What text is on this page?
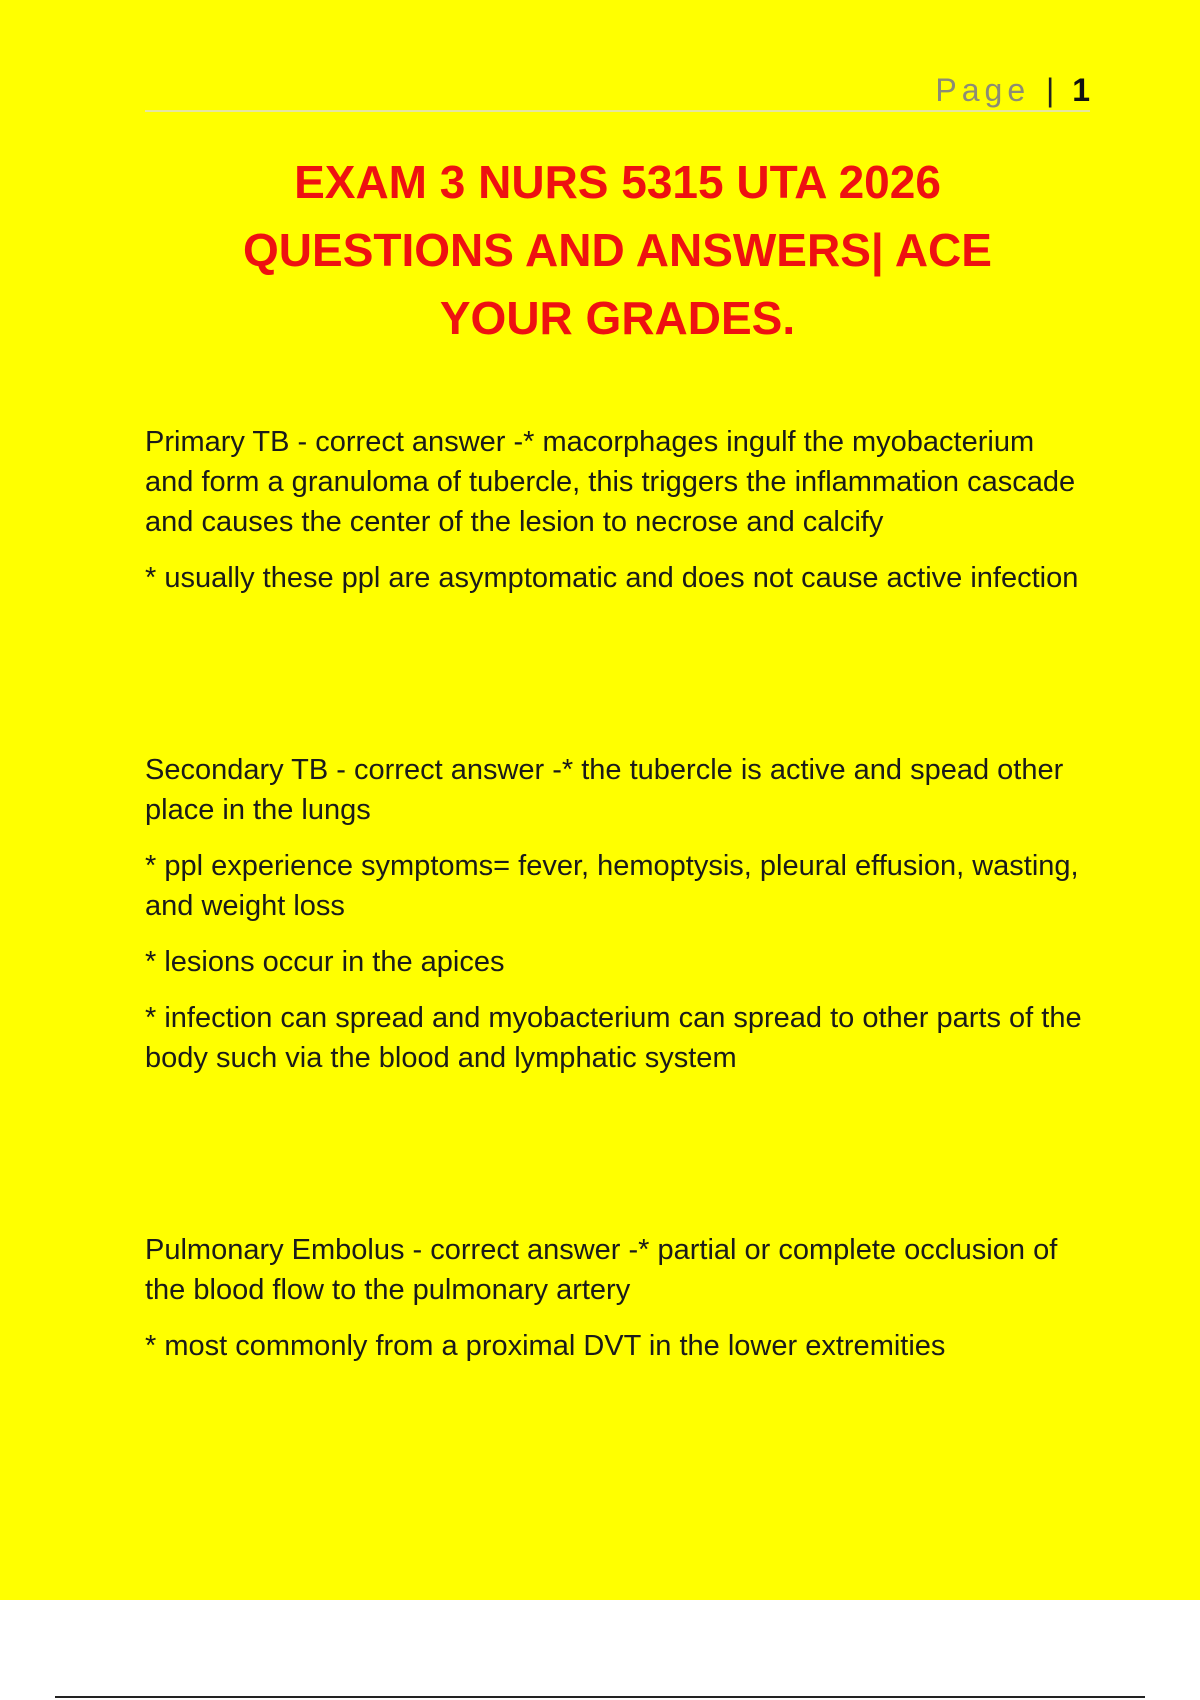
Page | 1
EXAM 3 NURS 5315 UTA 2026
QUESTIONS AND ANSWERS| ACE
YOUR GRADES.

Primary TB - correct answer -* macorphages ingulf the myobacterium and form a granuloma of tubercle, this triggers the inflammation cascade and causes the center of the lesion to necrose and calcify

* usually these ppl are asymptomatic and does not cause active infection

Secondary TB - correct answer -* the tubercle is active and spead other place in the lungs

* ppl experience symptoms= fever, hemoptysis, pleural effusion, wasting, and weight loss

* lesions occur in the apices

* infection can spread and myobacterium can spread to other parts of the body such via the blood and lymphatic system

Pulmonary Embolus - correct answer -* partial or complete occlusion of the blood flow to the pulmonary artery

* most commonly from a proximal DVT in the lower extremities
